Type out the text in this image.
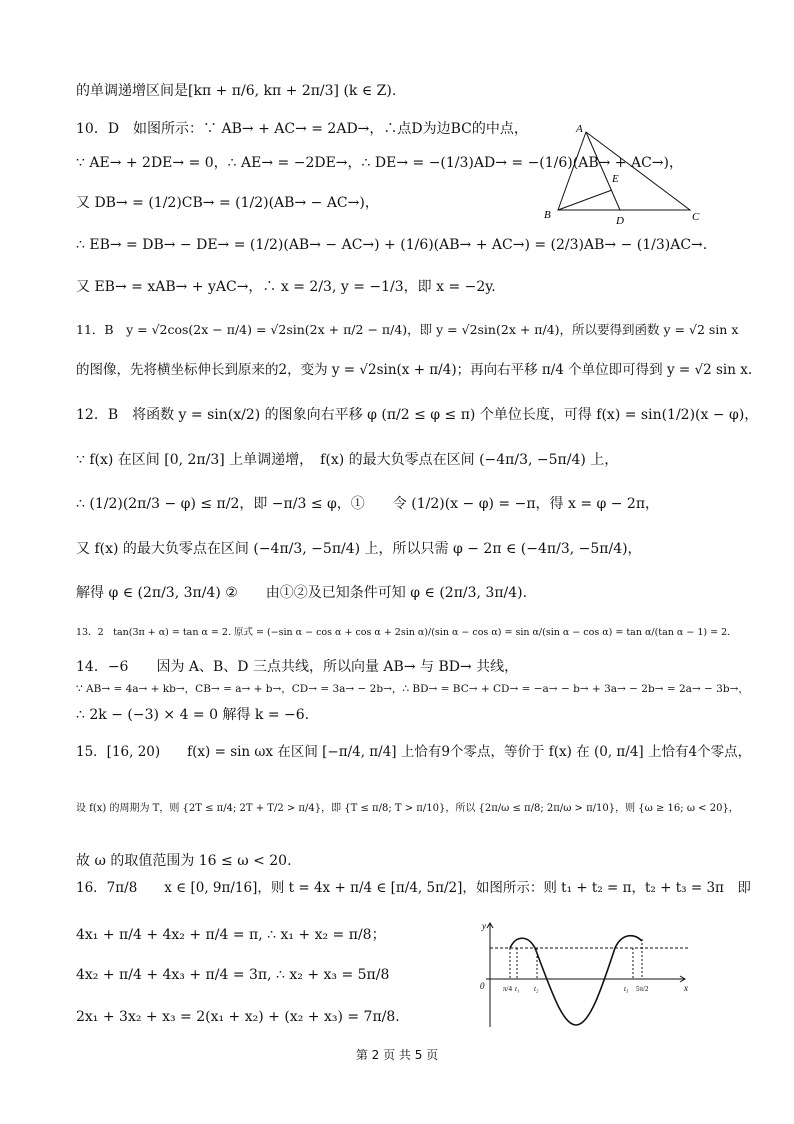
的单调递增区间是[kπ + π/6, kπ + 2π/3] (k ∈ Z).
10．D　如图所示：∵ AB→ + AC→ = 2AD→，∴点D为边BC的中点，
∵ AE→ + 2DE→ = 0，∴ AE→ = −2DE→，∴ DE→ = −(1/3)AD→ = −(1/6)(AB→ + AC→)，
又 DB→ = (1/2)CB→ = (1/2)(AB→ − AC→)，
∴ EB→ = DB→ − DE→ = (1/2)(AB→ − AC→) + (1/6)(AB→ + AC→) = (2/3)AB→ − (1/3)AC→.
又 EB→ = xAB→ + yAC→，∴ x = 2/3, y = −1/3，即 x = −2y.
11．B　y = √2cos(2x − π/4) = √2sin(2x + π/2 − π/4)，即 y = √2sin(2x + π/4)，所以要得到函数 y = √2 sin x
的图像，先将横坐标伸长到原来的2，变为 y = √2sin(x + π/4)；再向右平移 π/4 个单位即可得到 y = √2 sin x.
12．B　将函数 y = sin(x/2) 的图象向右平移 φ (π/2 ≤ φ ≤ π) 个单位长度，可得 f(x) = sin(1/2)(x − φ)，
∵ f(x) 在区间 [0, 2π/3] 上单调递增，　f(x) 的最大负零点在区间 (−4π/3, −5π/4) 上，
∴ (1/2)(2π/3 − φ) ≤ π/2，即 −π/3 ≤ φ，①　　令 (1/2)(x − φ) = −π，得 x = φ − 2π，
又 f(x) 的最大负零点在区间 (−4π/3, −5π/4) 上，所以只需 φ − 2π ∈ (−4π/3, −5π/4)，
解得 φ ∈ (2π/3, 3π/4) ②　　由①②及已知条件可知 φ ∈ (2π/3, 3π/4).
13．2　tan(3π + α) = tan α = 2. 原式 = (−sin α − cos α + cos α + 2sin α)/(sin α − cos α) = sin α/(sin α − cos α) = tan α/(tan α − 1) = 2.
14．−6　　因为 A、B、D 三点共线，所以向量 AB→ 与 BD→ 共线，
∵ AB→ = 4a→ + kb→，CB→ = a→ + b→，CD→ = 3a→ − 2b→，∴ BD→ = BC→ + CD→ = −a→ − b→ + 3a→ − 2b→ = 2a→ − 3b→，
∴ 2k − (−3) × 4 = 0 解得 k = −6.
15．[16, 20)　　f(x) = sin ωx 在区间 [−π/4, π/4] 上恰有9个零点，等价于 f(x) 在 (0, π/4] 上恰有4个零点，
设 f(x) 的周期为 T，则 {2T ≤ π/4; 2T + T/2 > π/4}，即 {T ≤ π/8; T > π/10}，所以 {2π/ω ≤ π/8; 2π/ω > π/10}，则 {ω ≥ 16; ω < 20}，
故 ω 的取值范围为 16 ≤ ω < 20.
16．7π/8　　x ∈ [0, 9π/16]，则 t = 4x + π/4 ∈ [π/4, 5π/2]，如图所示：则 t₁ + t₂ = π，t₂ + t₃ = 3π　即
4x₁ + π/4 + 4x₂ + π/4 = π, ∴ x₁ + x₂ = π/8；
4x₂ + π/4 + 4x₃ + π/4 = 3π, ∴ x₂ + x₃ = 5π/8
2x₁ + 3x₂ + x₃ = 2(x₁ + x₂) + (x₂ + x₃) = 7π/8.
A
B	C
D
E
y
x
0	π/4 t₁ t₂	t₃ 5π/2
第 2 页 共 5 页
